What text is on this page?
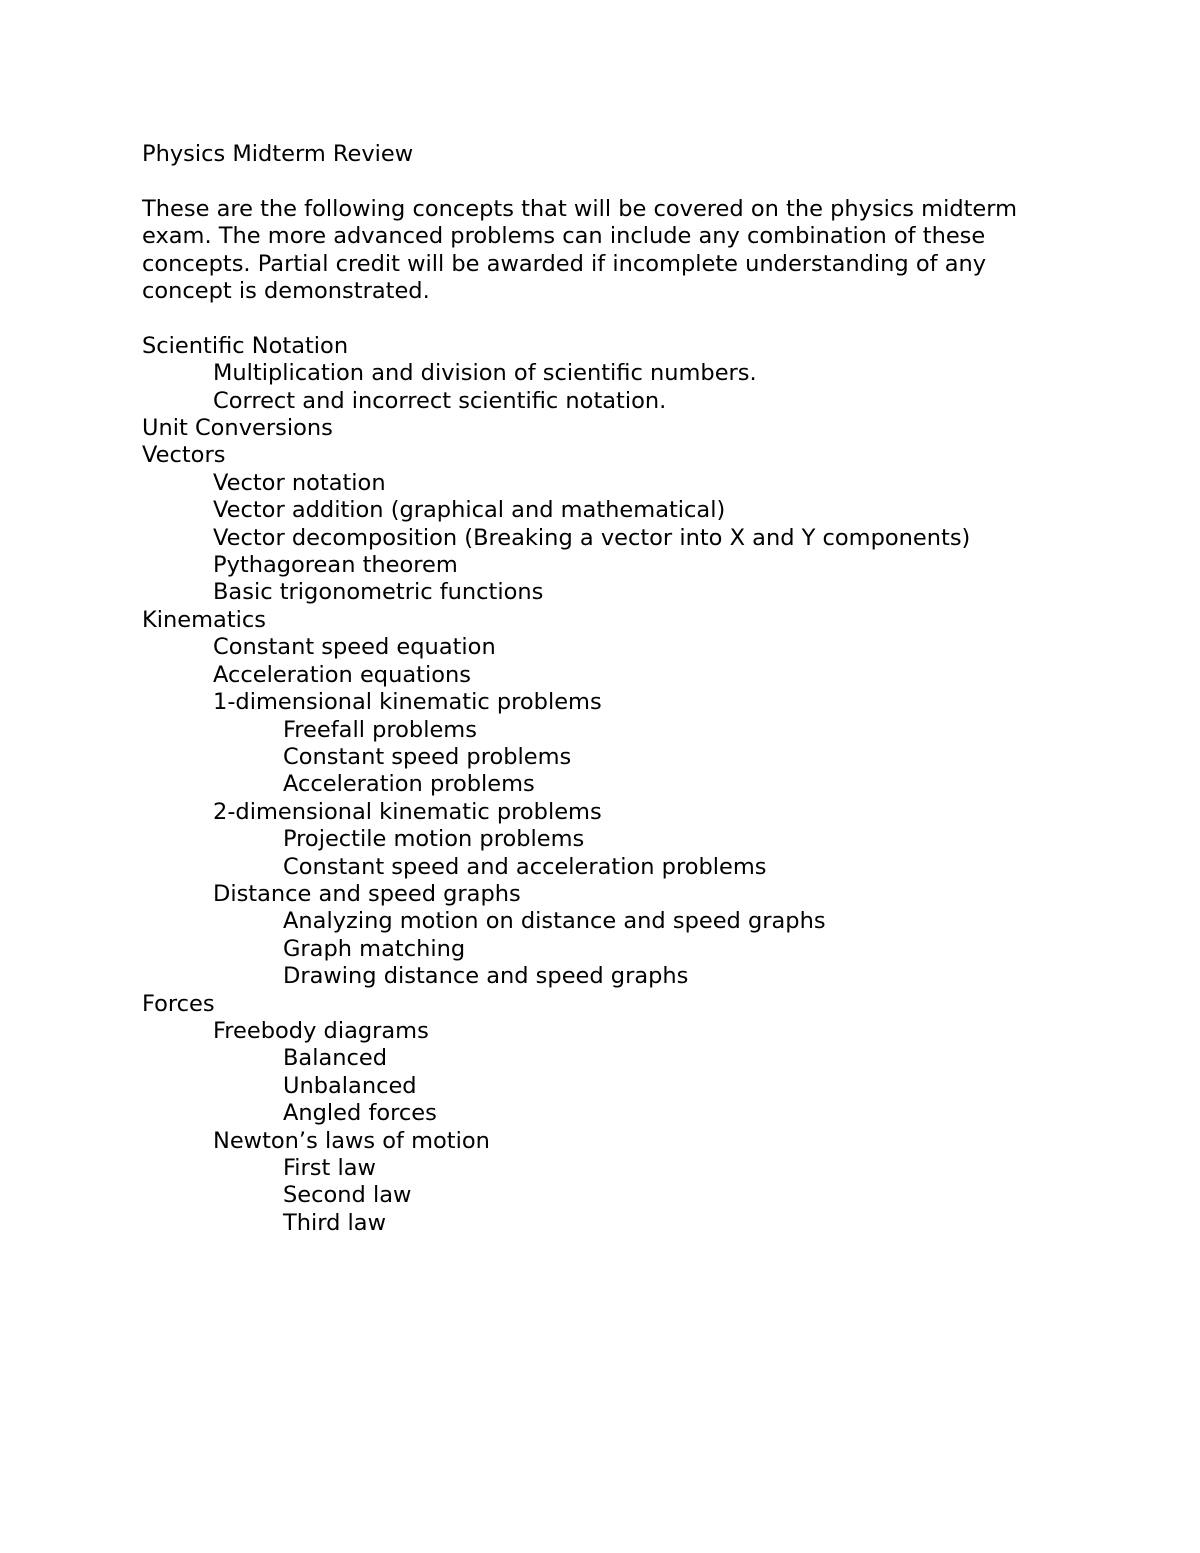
Physics Midterm Review

These are the following concepts that will be covered on the physics midterm exam. The more advanced problems can include any combination of these concepts. Partial credit will be awarded if incomplete understanding of any concept is demonstrated.

Scientific Notation
Multiplication and division of scientific numbers.
Correct and incorrect scientific notation.
Unit Conversions
Vectors
Vector notation
Vector addition (graphical and mathematical)
Vector decomposition (Breaking a vector into X and Y components)
Pythagorean theorem
Basic trigonometric functions
Kinematics
Constant speed equation
Acceleration equations
1-dimensional kinematic problems
Freefall problems
Constant speed problems
Acceleration problems
2-dimensional kinematic problems
Projectile motion problems
Constant speed and acceleration problems
Distance and speed graphs
Analyzing motion on distance and speed graphs
Graph matching
Drawing distance and speed graphs
Forces
Freebody diagrams
Balanced
Unbalanced
Angled forces
Newton’s laws of motion
First law
Second law
Third law
